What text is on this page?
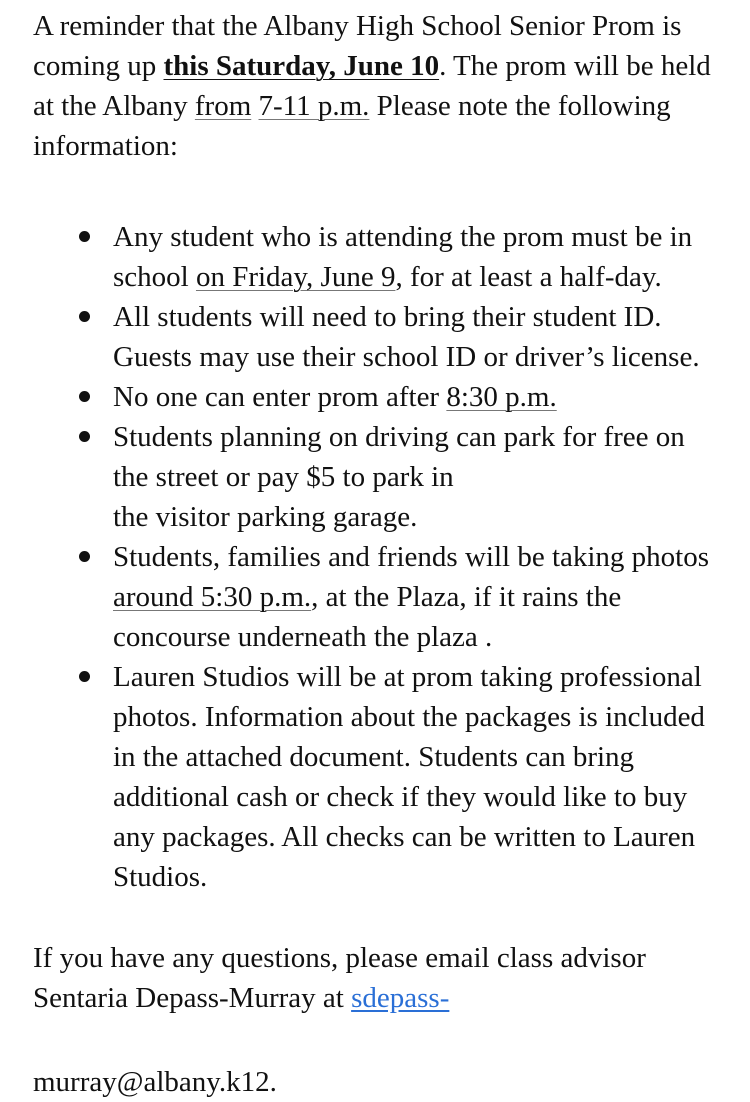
A reminder that the Albany High School Senior Prom is coming up this Saturday, June 10. The prom will be held at the Albany from 7-11 p.m. Please note the following information:

Any student who is attending the prom must be in school on Friday, June 9, for at least a half-day.
All students will need to bring their student ID. Guests may use their school ID or driver’s license.
No one can enter prom after 8:30 p.m.
Students planning on driving can park for free on the street or pay $5 to park in
the visitor parking garage.
Students, families and friends will be taking photos around 5:30 p.m., at the Plaza, if it rains the concourse underneath the plaza .
Lauren Studios will be at prom taking professional photos. Information about the packages is included in the attached document. Students can bring additional cash or check if they would like to buy any packages. All checks can be written to Lauren Studios.

If you have any questions, please email class advisor Sentaria Depass-Murray at sdepass-

murray@albany.k12.
